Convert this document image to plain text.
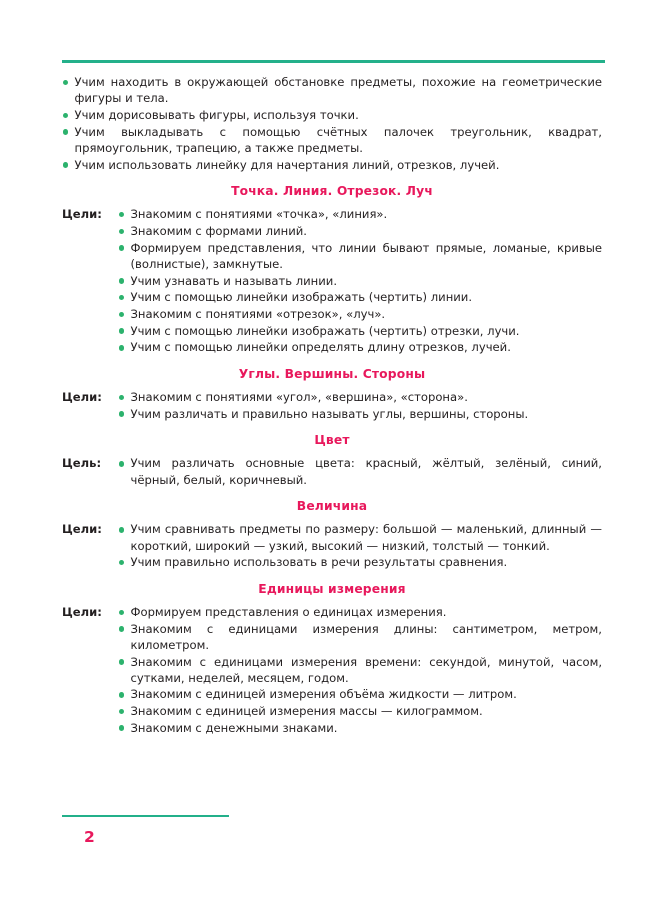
Учим находить в окружающей обстановке предметы, похожие на геометрические фигуры и тела.
Учим дорисовывать фигуры, используя точки.
Учим выкладывать с помощью счётных палочек треугольник, квадрат, прямоугольник, трапецию, а также предметы.
Учим использовать линейку для начертания линий, отрезков, лучей.
Точка. Линия. Отрезок. Луч
Цели:	Знакомим с понятиями «точка», «линия».
Знакомим с формами линий.
Формируем представления, что линии бывают прямые, ломаные, кривые (волнистые), замкнутые.
Учим узнавать и называть линии.
Учим с помощью линейки изображать (чертить) линии.
Знакомим с понятиями «отрезок», «луч».
Учим с помощью линейки изображать (чертить) отрезки, лучи.
Учим с помощью линейки определять длину отрезков, лучей.
Углы. Вершины. Стороны
Цели:	Знакомим с понятиями «угол», «вершина», «сторона».
Учим различать и правильно называть углы, вершины, стороны.
Цвет
Цель:	Учим различать основные цвета: красный, жёлтый, зелёный, синий, чёрный, белый, коричневый.
Величина
Цели:	Учим сравнивать предметы по размеру: большой — маленький, длинный — короткий, широкий — узкий, высокий — низкий, толстый — тонкий.
Учим правильно использовать в речи результаты сравнения.
Единицы измерения
Цели:	Формируем представления о единицах измерения.
Знакомим с единицами измерения длины: сантиметром, метром, километром.
Знакомим с единицами измерения времени: секундой, минутой, часом, сутками, неделей, месяцем, годом.
Знакомим с единицей измерения объёма жидкости — литром.
Знакомим с единицей измерения массы — килограммом.
Знакомим с денежными знаками.
2
